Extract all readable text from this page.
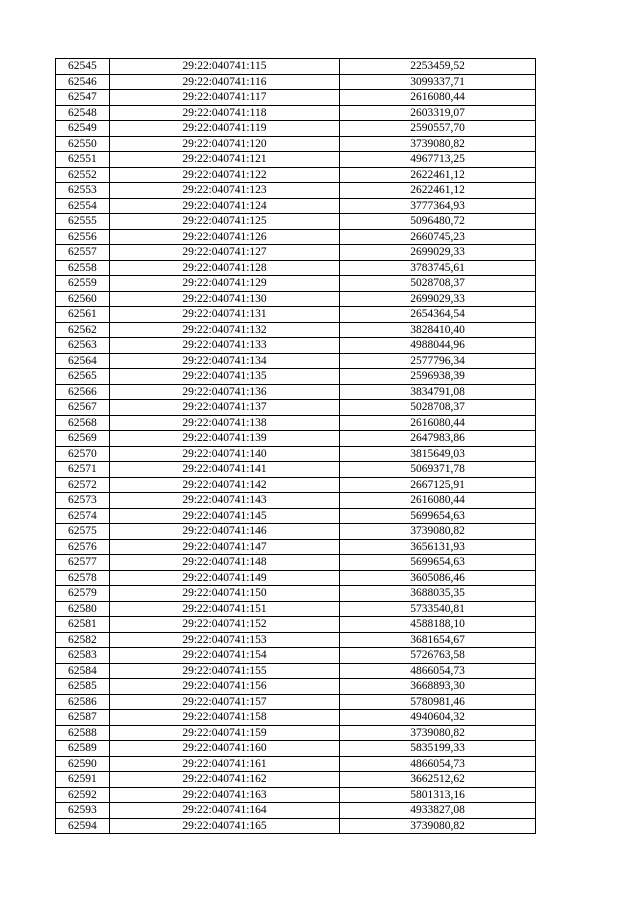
62545	29:22:040741:115	2253459,52
62546	29:22:040741:116	3099337,71
62547	29:22:040741:117	2616080,44
62548	29:22:040741:118	2603319,07
62549	29:22:040741:119	2590557,70
62550	29:22:040741:120	3739080,82
62551	29:22:040741:121	4967713,25
62552	29:22:040741:122	2622461,12
62553	29:22:040741:123	2622461,12
62554	29:22:040741:124	3777364,93
62555	29:22:040741:125	5096480,72
62556	29:22:040741:126	2660745,23
62557	29:22:040741:127	2699029,33
62558	29:22:040741:128	3783745,61
62559	29:22:040741:129	5028708,37
62560	29:22:040741:130	2699029,33
62561	29:22:040741:131	2654364,54
62562	29:22:040741:132	3828410,40
62563	29:22:040741:133	4988044,96
62564	29:22:040741:134	2577796,34
62565	29:22:040741:135	2596938,39
62566	29:22:040741:136	3834791,08
62567	29:22:040741:137	5028708,37
62568	29:22:040741:138	2616080,44
62569	29:22:040741:139	2647983,86
62570	29:22:040741:140	3815649,03
62571	29:22:040741:141	5069371,78
62572	29:22:040741:142	2667125,91
62573	29:22:040741:143	2616080,44
62574	29:22:040741:145	5699654,63
62575	29:22:040741:146	3739080,82
62576	29:22:040741:147	3656131,93
62577	29:22:040741:148	5699654,63
62578	29:22:040741:149	3605086,46
62579	29:22:040741:150	3688035,35
62580	29:22:040741:151	5733540,81
62581	29:22:040741:152	4588188,10
62582	29:22:040741:153	3681654,67
62583	29:22:040741:154	5726763,58
62584	29:22:040741:155	4866054,73
62585	29:22:040741:156	3668893,30
62586	29:22:040741:157	5780981,46
62587	29:22:040741:158	4940604,32
62588	29:22:040741:159	3739080,82
62589	29:22:040741:160	5835199,33
62590	29:22:040741:161	4866054,73
62591	29:22:040741:162	3662512,62
62592	29:22:040741:163	5801313,16
62593	29:22:040741:164	4933827,08
62594	29:22:040741:165	3739080,82
